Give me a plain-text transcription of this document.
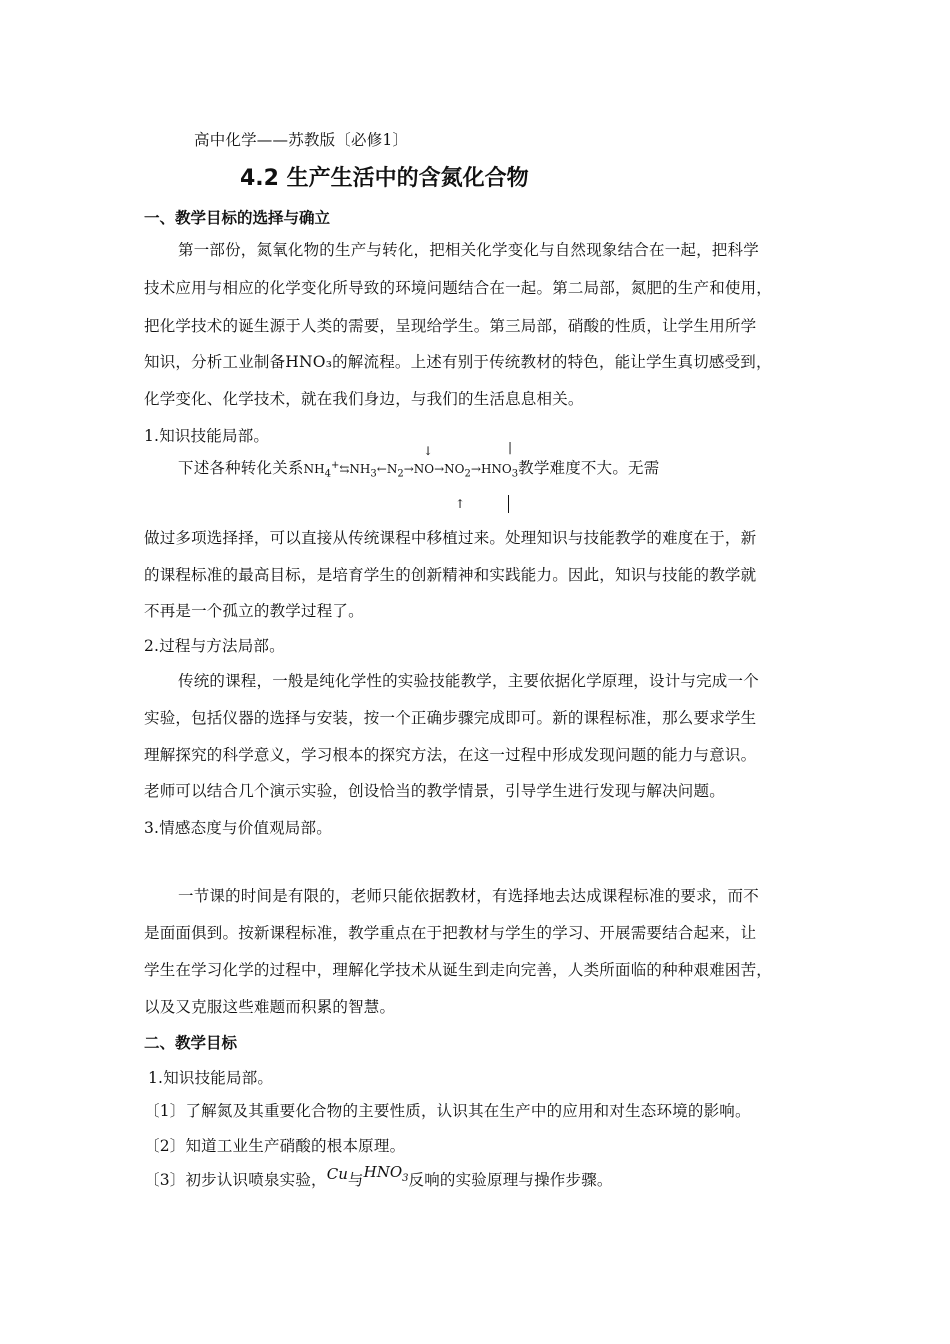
高中化学——苏教版〔必修1〕
4.2 生产生活中的含氮化合物
一、教学目标的选择与确立
第一部份，氮氧化物的生产与转化，把相关化学变化与自然现象结合在一起，把科学
技术应用与相应的化学变化所导致的环境问题结合在一起。第二局部，氮肥的生产和使用，
把化学技术的诞生源于人类的需要，呈现给学生。第三局部，硝酸的性质，让学生用所学
知识，分析工业制备HNO₃的解流程。上述有别于传统教材的特色，能让学生真切感受到，
化学变化、化学技术，就在我们身边，与我们的生活息息相关。
1.知识技能局部。
↓	|
下述各种转化关系$NH_4^+⇆NH_3\leftarrow N_2\to NO\to NO_2\to HNO_3$教学难度不大。无需
↑
做过多项选择择，可以直接从传统课程中移植过来。处理知识与技能教学的难度在于，新
的课程标准的最高目标，是培育学生的创新精神和实践能力。因此，知识与技能的教学就
不再是一个孤立的教学过程了。
2.过程与方法局部。
传统的课程，一般是纯化学性的实验技能教学，主要依据化学原理，设计与完成一个
实验，包括仪器的选择与安装，按一个正确步骤完成即可。新的课程标准，那么要求学生
理解探究的科学意义，学习根本的探究方法，在这一过程中形成发现问题的能力与意识。
老师可以结合几个演示实验，创设恰当的教学情景，引导学生进行发现与解决问题。
3.情感态度与价值观局部。
一节课的时间是有限的，老师只能依据教材，有选择地去达成课程标准的要求，而不
是面面俱到。按新课程标准，教学重点在于把教材与学生的学习、开展需要结合起来，让
学生在学习化学的过程中，理解化学技术从诞生到走向完善，人类所面临的种种艰难困苦，
以及又克服这些难题而积累的智慧。
二、教学目标
1.知识技能局部。
〔1〕了解氮及其重要化合物的主要性质，认识其在生产中的应用和对生态环境的影响。
〔2〕知道工业生产硝酸的根本原理。
〔3〕初步认识喷泉实验，Cu与$HNO_3$反响的实验原理与操作步骤。
